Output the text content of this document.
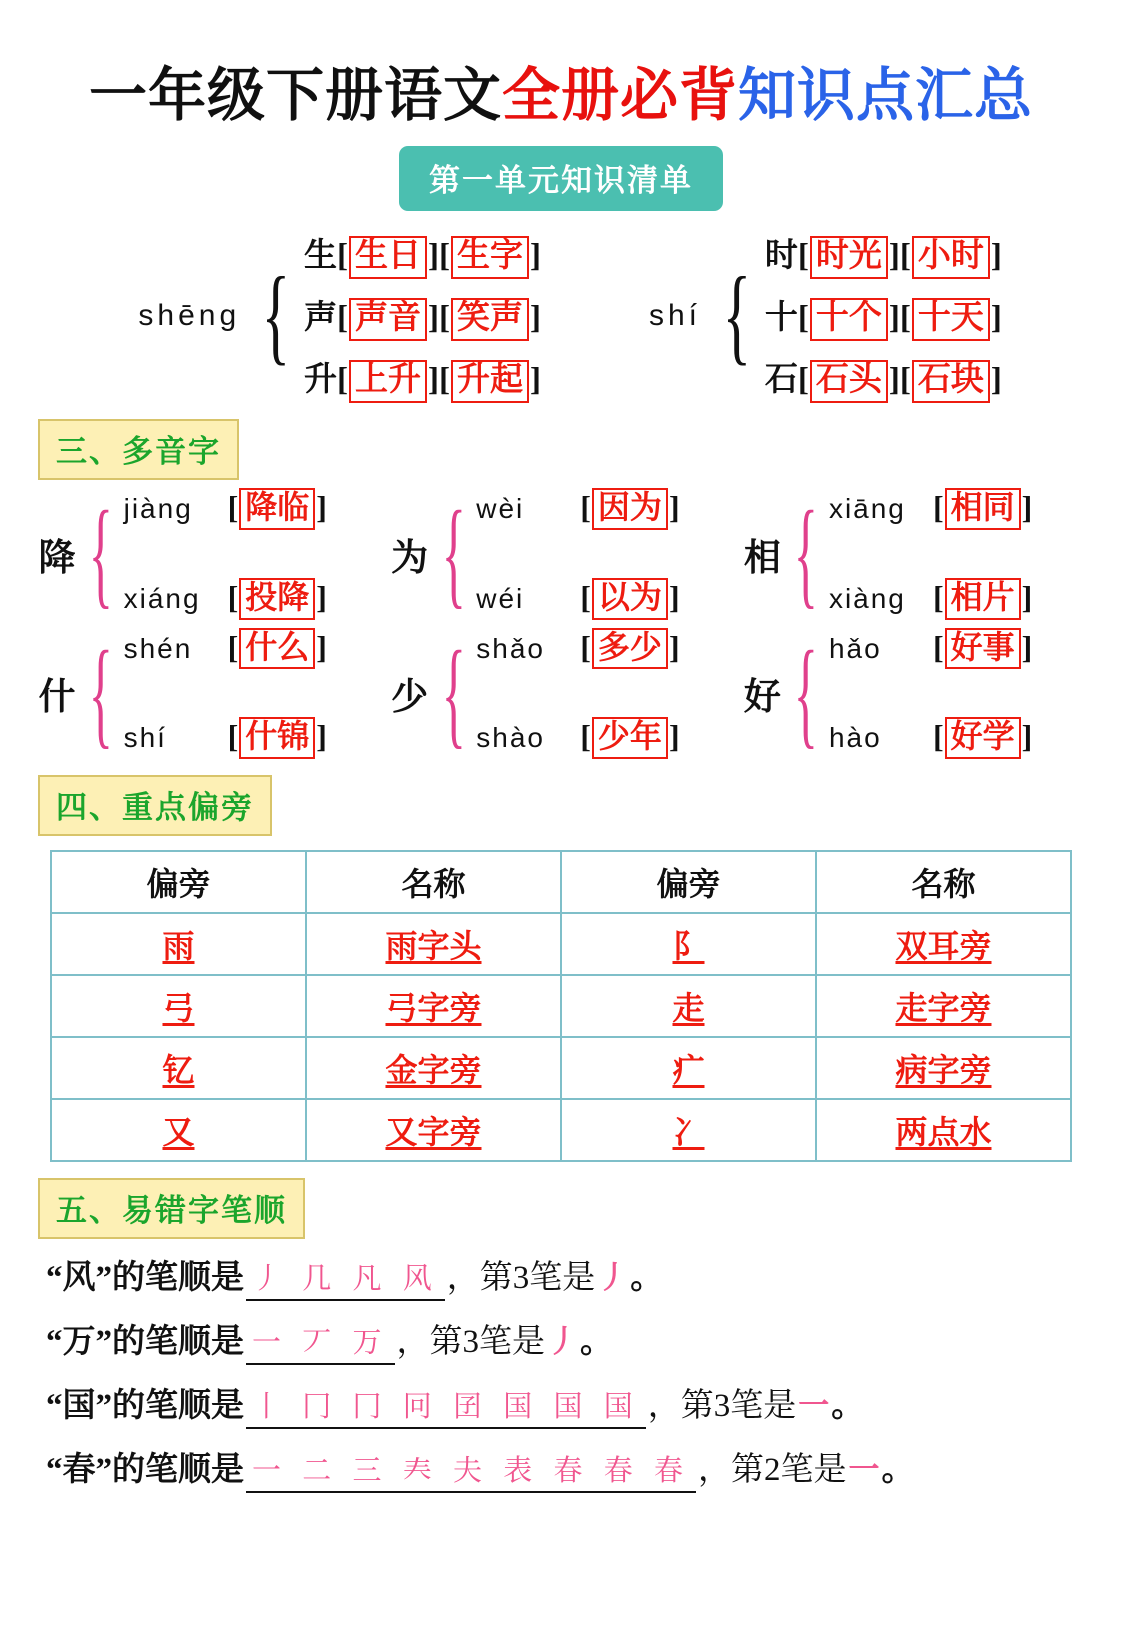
一年级下册语文全册必背知识点汇总
第一单元知识清单
shēng { 生 [ 生日 ] [ 生字 ]
声 [ 声音 ] [ 笑声 ]
升 [ 上升 ] [ 升起 ]
shí { 时 [ 时光 ] [ 小时 ]
十 [ 十个 ] [ 十天 ]
石 [ 石头 ] [ 石块 ]
三、多音字
降 { jiàng	[ 降临 ]
xiáng [ 投降 ]
为 { wèi	[ 因为 ]
wéi	[ 以为 ]
相 { xiāng [ 相同 ]
xiàng [ 相片 ]
什 { shén	[ 什么 ]
shí	[ 什锦 ]
少 { shǎo	[ 多少 ]
shào	[ 少年 ]
好 { hǎo	[ 好事 ]
hào	[ 好学 ]
四、重点偏旁
偏旁	名称	偏旁	名称
雨	雨字头	阝	双耳旁
弓	弓字旁	走	走字旁
钇	金字旁	疒	病字旁
又	又字旁	冫	两点水
五、易错字笔顺
“ 风 ” 的笔顺是 丿 几 凡 风 ，第3笔是 丿 。
“ 万 ” 的笔顺是 一 丆 万 ，第3笔是 丿 。
“ 国 ” 的笔顺是 丨 冂 冂 冋 囝 国 国 国 ，第3笔是 一 。
“ 春 ” 的笔顺是 一 二 三 𡗗 夫 表 春 春 春 ，第2笔是 一 。
